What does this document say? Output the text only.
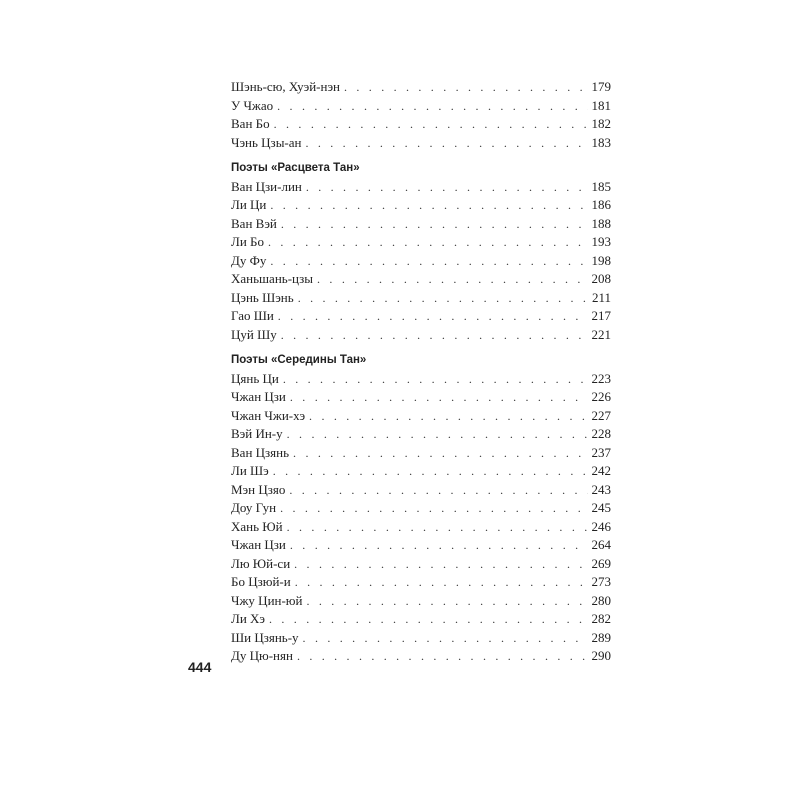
Шэнь-сю, Хуэй-нэн . . .	179
У Чжао . . .	181
Ван Бо . . .	182
Чэнь Цзы-ан . . .	183
Поэты «Расцвета Тан»
Ван Цзи-лин . . .	185
Ли Ци . . .	186
Ван Вэй . . .	188
Ли Бо . . .	193
Ду Фу . . .	198
Ханьшань-цзы . . .	208
Цэнь Шэнь . . .	211
Гао Ши . . .	217
Цуй Шу . . .	221
Поэты «Середины Тан»
Цянь Ци . . .	223
Чжан Цзи . . .	226
Чжан Чжи-хэ . . .	227
Вэй Ин-у . . .	228
Ван Цзянь . . .	237
Ли Шэ . . .	242
Мэн Цзяо . . .	243
Доу Гун . . .	245
Хань Юй . . .	246
Чжан Цзи . . .	264
Лю Юй-си . . .	269
Бо Цзюй-и . . .	273
Чжу Цин-юй . . .	280
Ли Хэ . . .	282
Ши Цзянь-у . . .	289
Ду Цю-нян . . .	290
444
